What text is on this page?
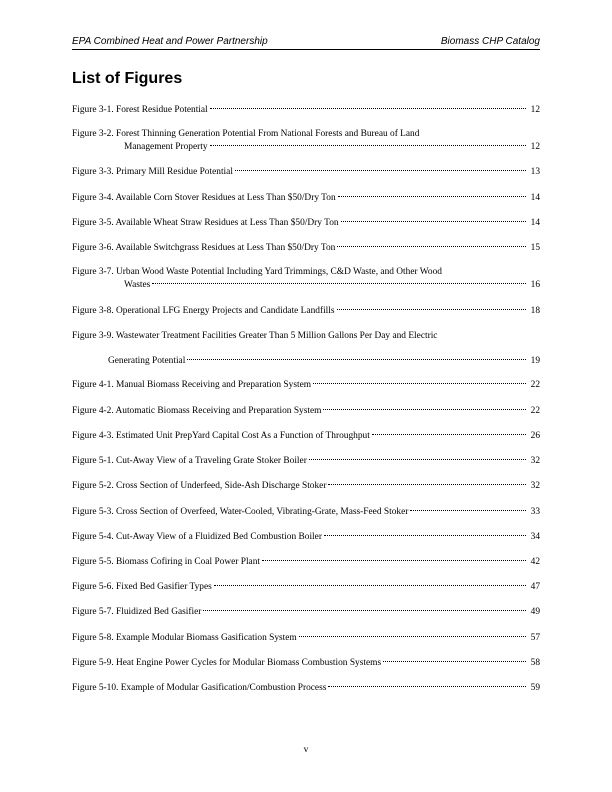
EPA Combined Heat and Power Partnership	Biomass CHP Catalog
List of Figures
Figure 3-1. Forest Residue Potential	12
Figure 3-2. Forest Thinning Generation Potential From National Forests and Bureau of Land
Management Property	12
Figure 3-3. Primary Mill Residue Potential	13
Figure 3-4. Available Corn Stover Residues at Less Than $50/Dry Ton	14
Figure 3-5. Available Wheat Straw Residues at Less Than $50/Dry Ton	14
Figure 3-6. Available Switchgrass Residues at Less Than $50/Dry Ton	15
Figure 3-7. Urban Wood Waste Potential Including Yard Trimmings, C&D Waste, and Other Wood
Wastes	16
Figure 3-8. Operational LFG Energy Projects and Candidate Landfills	18
Figure 3-9. Wastewater Treatment Facilities Greater Than 5 Million Gallons Per Day and Electric
Generating Potential	19
Figure 4-1. Manual Biomass Receiving and Preparation System	22
Figure 4-2. Automatic Biomass Receiving and Preparation System	22
Figure 4-3. Estimated Unit PrepYard Capital Cost As a Function of Throughput	26
Figure 5-1. Cut-Away View of a Traveling Grate Stoker Boiler	32
Figure 5-2. Cross Section of Underfeed, Side-Ash Discharge Stoker	32
Figure 5-3. Cross Section of Overfeed, Water-Cooled, Vibrating-Grate, Mass-Feed Stoker	33
Figure 5-4. Cut-Away View of a Fluidized Bed Combustion Boiler	34
Figure 5-5. Biomass Cofiring in Coal Power Plant	42
Figure 5-6. Fixed Bed Gasifier Types	47
Figure 5-7. Fluidized Bed Gasifier	49
Figure 5-8. Example Modular Biomass Gasification System	57
Figure 5-9. Heat Engine Power Cycles for Modular Biomass Combustion Systems	58
Figure 5-10. Example of Modular Gasification/Combustion Process	59
v
